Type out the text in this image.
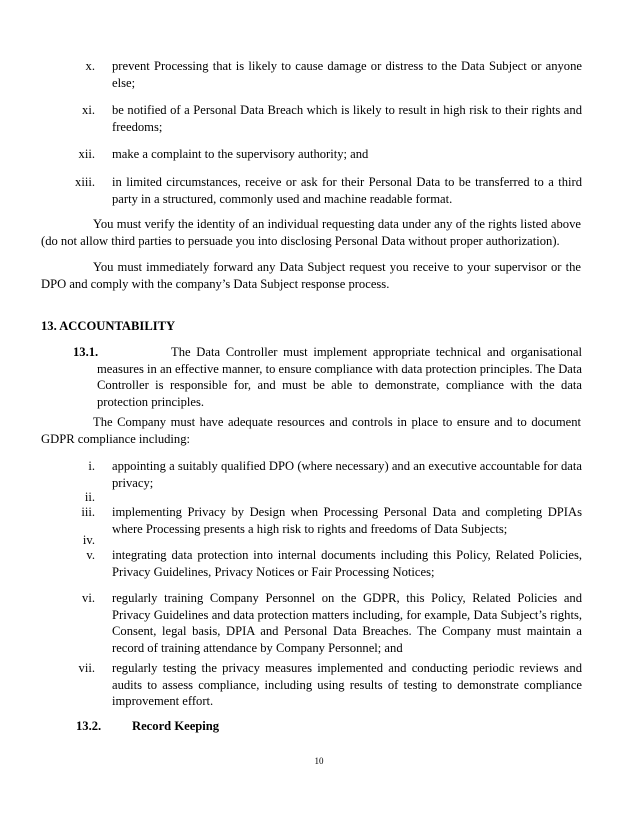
x. prevent Processing that is likely to cause damage or distress to the Data Subject or anyone else;
xi. be notified of a Personal Data Breach which is likely to result in high risk to their rights and freedoms;
xii. make a complaint to the supervisory authority; and
xiii. in limited circumstances, receive or ask for their Personal Data to be transferred to a third party in a structured, commonly used and machine readable format.
You must verify the identity of an individual requesting data under any of the rights listed above (do not allow third parties to persuade you into disclosing Personal Data without proper authorization).
You must immediately forward any Data Subject request you receive to your supervisor or the DPO and comply with the company’s Data Subject response process.
13. ACCOUNTABILITY
13.1.	The Data Controller must implement appropriate technical and organisational measures in an effective manner, to ensure compliance with data protection principles. The Data Controller is responsible for, and must be able to demonstrate, compliance with the data protection principles.
The Company must have adequate resources and controls in place to ensure and to document GDPR compliance including:
i. appointing a suitably qualified DPO (where necessary) and an executive accountable for data privacy;
ii.
iii. implementing Privacy by Design when Processing Personal Data and completing DPIAs where Processing presents a high risk to rights and freedoms of Data Subjects;
iv.
v. integrating data protection into internal documents including this Policy, Related Policies, Privacy Guidelines, Privacy Notices or Fair Processing Notices;
vi. regularly training Company Personnel on the GDPR, this Policy, Related Policies and Privacy Guidelines and data protection matters including, for example, Data Subject’s rights, Consent, legal basis, DPIA and Personal Data Breaches. The Company must maintain a record of training attendance by Company Personnel; and
vii. regularly testing the privacy measures implemented and conducting periodic reviews and audits to assess compliance, including using results of testing to demonstrate compliance improvement effort.
13.2. Record Keeping
10
